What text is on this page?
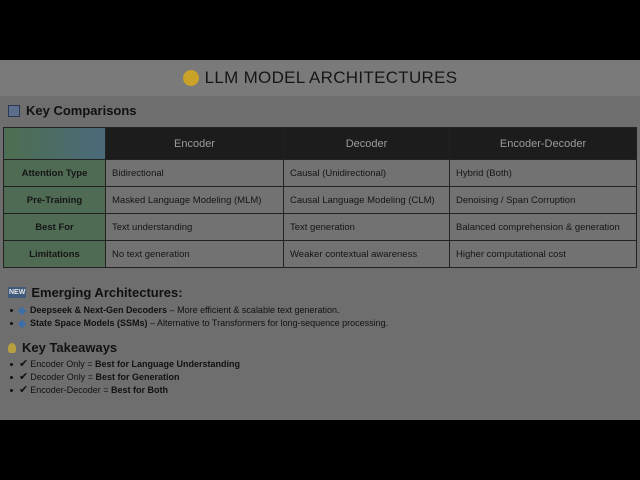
LLM MODEL ARCHITECTURES
Key Comparisons
	Encoder	Decoder	Encoder-Decoder
Attention Type	Bidirectional	Causal (Unidirectional)	Hybrid (Both)
Pre-Training	Masked Language Modeling (MLM)	Causal Language Modeling (CLM)	Denoising / Span Corruption
Best For	Text understanding	Text generation	Balanced comprehension & generation
Limitations	No text generation	Weaker contextual awareness	Higher computational cost
NEW Emerging Architectures:
Deepseek & Next-Gen Decoders – More efficient & scalable text generation.
State Space Models (SSMs) – Alternative to Transformers for long-sequence processing.
Key Takeaways
✔ Encoder Only = Best for Language Understanding
✔ Decoder Only = Best for Generation
✔ Encoder-Decoder = Best for Both
